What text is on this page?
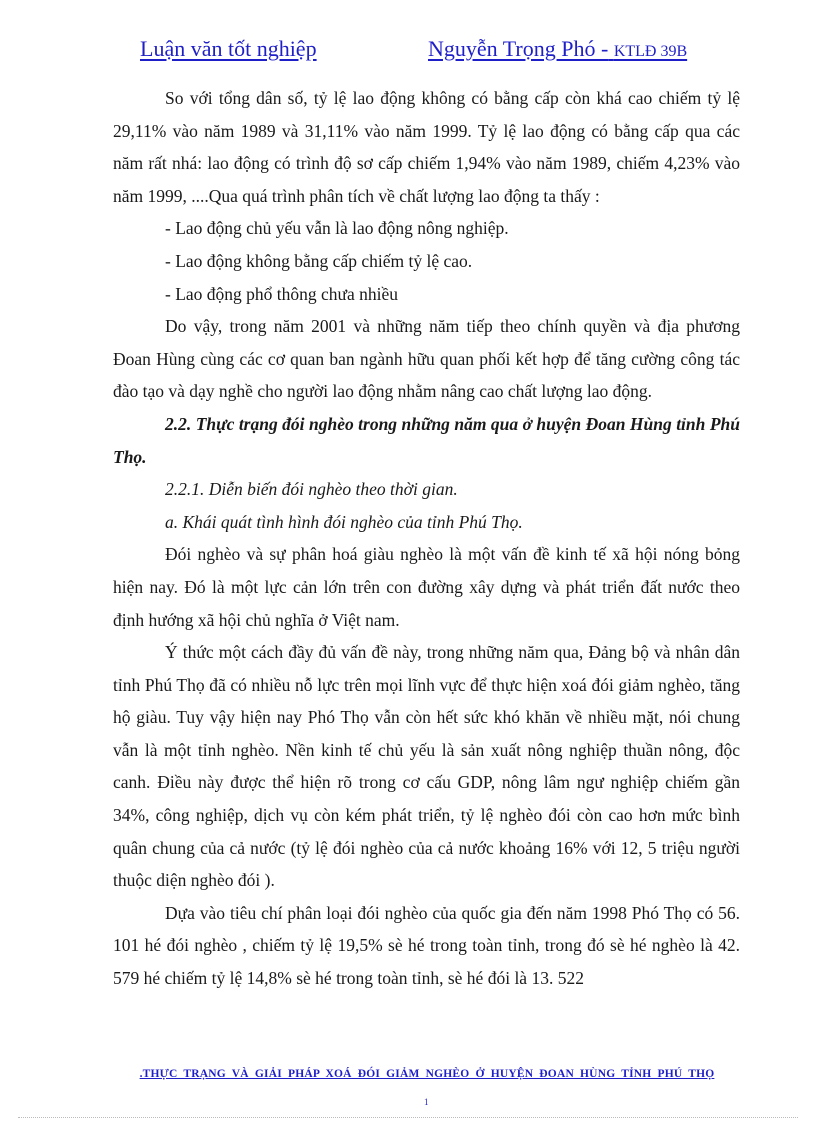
Luận văn tốt nghiệp	Nguyễn Trọng Phó - KTLĐ 39B

So với tổng dân số, tỷ lệ lao động không có bằng cấp còn khá cao chiếm tỷ lệ 29,11% vào năm 1989 và 31,11% vào năm 1999. Tỷ lệ lao động có bằng cấp qua các năm rất nhá: lao động có trình độ sơ cấp chiếm 1,94% vào năm 1989, chiếm 4,23% vào năm 1999, ....Qua quá trình phân tích về chất lượng lao động ta thấy :

- Lao động chủ yếu vẫn là lao động nông nghiệp.

- Lao động không bằng cấp chiếm tỷ lệ cao.

- Lao động phổ thông chưa nhiều

Do vậy, trong năm 2001 và những năm tiếp theo chính quyền và địa phương Đoan Hùng cùng các cơ quan ban ngành hữu quan phối kết hợp để tăng cường công tác đào tạo và dạy nghề cho người lao động nhằm nâng cao chất lượng lao động.

2.2. Thực trạng đói nghèo trong những năm qua ở huyện Đoan Hùng tỉnh Phú Thọ.

2.2.1. Diễn biến đói nghèo theo thời gian.

a. Khái quát tình hình đói nghèo của tỉnh Phú Thọ.

Đói nghèo và sự phân hoá giàu nghèo là một vấn đề kinh tế xã hội nóng bỏng hiện nay. Đó là một lực cản lớn trên con đường xây dựng và phát triển đất nước theo định hướng xã hội chủ nghĩa ở Việt nam.

Ý thức một cách đầy đủ vấn đề này, trong những năm qua, Đảng bộ và nhân dân tỉnh Phú Thọ đã có nhiều nỗ lực trên mọi lĩnh vực để thực hiện xoá đói giảm nghèo, tăng hộ giàu. Tuy vậy hiện nay Phó Thọ vẫn còn hết sức khó khăn về nhiều mặt, nói chung vẫn là một tỉnh nghèo. Nền kinh tế chủ yếu là sản xuất nông nghiệp thuần nông, độc canh. Điều này được thể hiện rõ trong cơ cấu GDP, nông lâm ngư nghiệp chiếm gần 34%, công nghiệp, dịch vụ còn kém phát triển, tỷ lệ nghèo đói còn cao hơn mức bình quân chung của cả nước (tỷ lệ đói nghèo của cả nước khoảng 16% với 12, 5 triệu người thuộc diện nghèo đói ).

Dựa vào tiêu chí phân loại đói nghèo của quốc gia đến năm 1998 Phó Thọ có 56. 101 hé đói nghèo , chiếm tỷ lệ 19,5% sè hé trong toàn tỉnh, trong đó sè hé nghèo là 42. 579 hé chiếm tỷ lệ 14,8% sè hé trong toàn tỉnh, sè hé đói là 13. 522

.THỰC TRẠNG VÀ GIẢI PHÁP XOÁ ĐÓI GIẢM NGHÈO Ở HUYỆN ĐOAN HÙNG TỈNH PHÚ THỌ
1
